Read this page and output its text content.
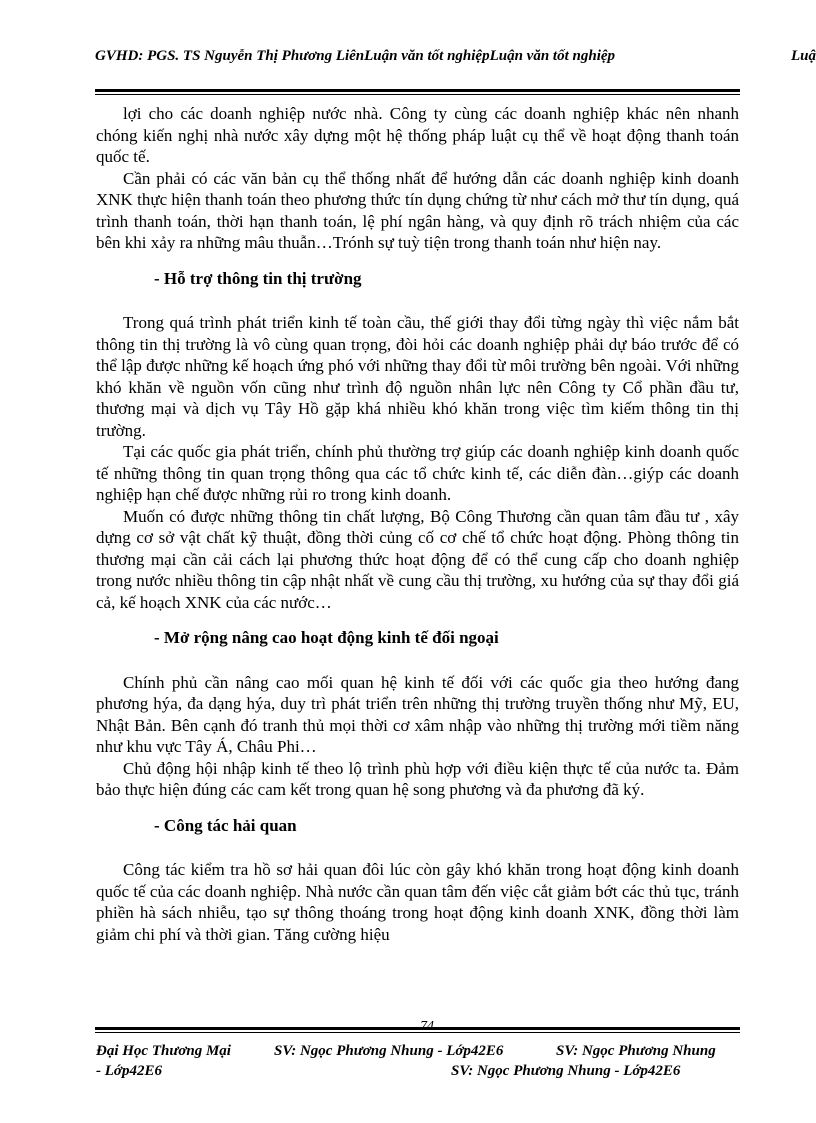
GVHD: PGS. TS Nguyễn Thị Phương LiênLuận văn tốt nghiệpLuận văn tốt nghiệp	Luậ

lợi cho các doanh nghiệp nước nhà. Công ty cùng các doanh nghiệp khác nên nhanh chóng kiến nghị nhà nước xây dựng một hệ thống pháp luật cụ thể về hoạt động thanh toán quốc tế.

Cần phải có các văn bản cụ thể thống nhất để hướng dẫn các doanh nghiệp kinh doanh XNK thực hiện thanh toán theo phương thức tín dụng chứng từ như cách mở thư tín dụng, quá trình thanh toán, thời hạn thanh toán, lệ phí ngân hàng, và quy định rõ trách nhiệm của các bên khi xảy ra những mâu thuẫn…Trónh sự tuỳ tiện trong thanh toán như hiện nay.

- Hỗ trợ thông tin thị trường

Trong quá trình phát triển kinh tế toàn cầu, thế giới thay đổi từng ngày thì việc nắm bắt thông tin thị trường là vô cùng quan trọng, đòi hỏi các doanh nghiệp phải dự báo trước để có thể lập được những kế hoạch ứng phó với những thay đổi từ môi trường bên ngoài. Với những khó khăn về nguồn vốn cũng như trình độ nguồn nhân lực nên Công ty Cổ phần đầu tư, thương mại và dịch vụ Tây Hồ gặp khá nhiều khó khăn trong việc tìm kiếm thông tin thị trường.

Tại các quốc gia phát triển, chính phủ thường trợ giúp các doanh nghiệp kinh doanh quốc tế những thông tin quan trọng thông qua các tổ chức kinh tế, các diễn đàn…giýp các doanh nghiệp hạn chế được những rủi ro trong kinh doanh.

Muốn có được những thông tin chất lượng, Bộ Công Thương cần quan tâm đầu tư , xây dựng cơ sở vật chất kỹ thuật, đồng thời củng cố cơ chế tổ chức hoạt động. Phòng thông tin thương mại cần cải cách lại phương thức hoạt động để có thể cung cấp cho doanh nghiệp trong nước nhiều thông tin cập nhật nhất về cung cầu thị trường, xu hướng của sự thay đổi giá cả, kế hoạch XNK của các nước…

- Mở rộng nâng cao hoạt động kinh tế đối ngoại

Chính phủ cần nâng cao mối quan hệ kinh tế đối với các quốc gia theo hướng đang phương hýa, đa dạng hýa, duy trì phát triển trên những thị trường truyền thống như Mỹ, EU, Nhật Bản. Bên cạnh đó tranh thủ mọi thời cơ xâm nhập vào những thị trường mới tiềm năng như khu vực Tây Á, Châu Phi…

Chủ động hội nhập kinh tế theo lộ trình phù hợp với điều kiện thực tế của nước ta. Đảm bảo thực hiện đúng các cam kết trong quan hệ song phương và đa phương đã ký.

- Công tác hải quan

Công tác kiểm tra hồ sơ hải quan đôi lúc còn gây khó khăn trong hoạt động kinh doanh quốc tế của các doanh nghiệp. Nhà nước cần quan tâm đến việc cắt giảm bớt các thủ tục, tránh phiền hà sách nhiễu, tạo sự thông thoáng trong hoạt động kinh doanh XNK, đồng thời làm giảm chi phí và thời gian. Tăng cường hiệu

74
Đại Học Thương Mại	SV: Ngọc Phương Nhung - Lớp42E6	SV: Ngọc Phương Nhung
- Lớp42E6	SV: Ngọc Phương Nhung - Lớp42E6
